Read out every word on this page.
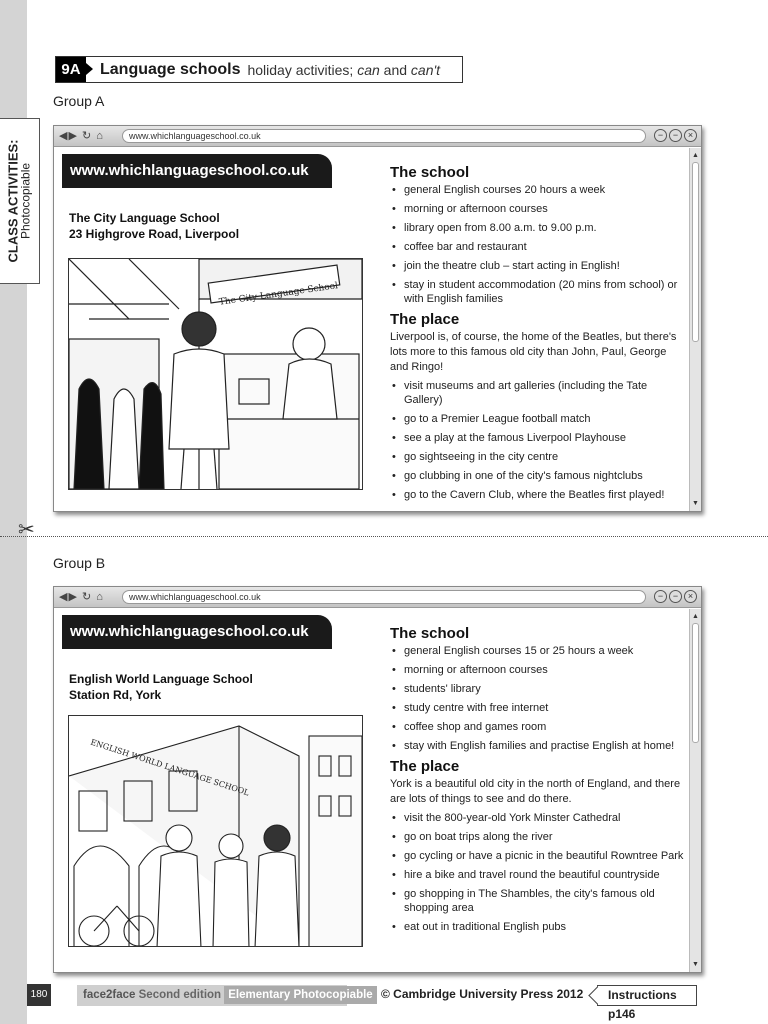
CLASS ACTIVITIES:
Photocopiable
9A	Language schools holiday activities; can and can't
Group A
◀▶ ↻ ⌂	www.whichlanguageschool.co.uk	−	−	×
▲
▼
www.whichlanguageschool.co.uk
The City Language School
23 Highgrove Road, Liverpool
The City Language School
The school
• general English courses 20 hours a week
• morning or afternoon courses
• library open from 8.00 a.m. to 9.00 p.m.
• coffee bar and restaurant
• join the theatre club – start acting in English!
• stay in student accommodation (20 mins from school) or with English families
The place
Liverpool is, of course, the home of the Beatles, but there's lots more to this famous old city than John, Paul, George and Ringo!
• visit museums and art galleries (including the Tate Gallery)
• go to a Premier League football match
• see a play at the famous Liverpool Playhouse
• go sightseeing in the city centre
• go clubbing in one of the city's famous nightclubs
• go to the Cavern Club, where the Beatles first played!
✂
Group B
◀▶ ↻ ⌂	www.whichlanguageschool.co.uk	−	−	×
▲
▼
www.whichlanguageschool.co.uk
English World Language School
Station Rd, York
ENGLISH WORLD LANGUAGE SCHOOL
The school
• general English courses 15 or 25 hours a week
• morning or afternoon courses
• students' library
• study centre with free internet
• coffee shop and games room
• stay with English families and practise English at home!
The place
York is a beautiful old city in the north of England, and there are lots of things to see and do there.
• visit the 800-year-old York Minster Cathedral
• go on boat trips along the river
• go cycling or have a picnic in the beautiful Rowntree Park
• hire a bike and travel round the beautiful countryside
• go shopping in The Shambles, the city's famous old shopping area
• eat out in traditional English pubs
180	face2face Second edition Elementary Photocopiable © Cambridge University Press 2012	Instructions p146
